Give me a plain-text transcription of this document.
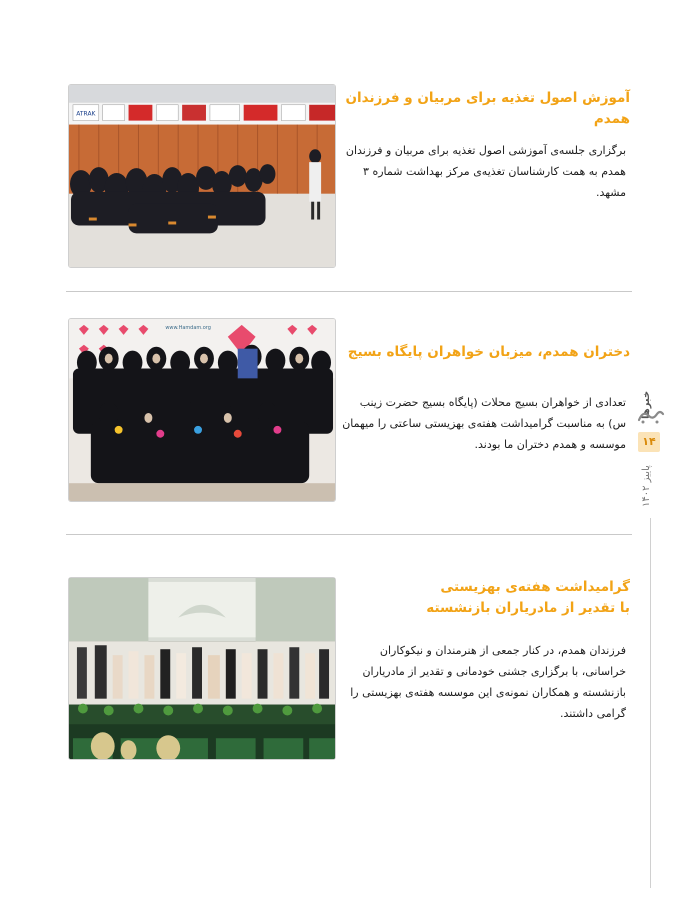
ATRAK

آموزش اصول تغذیه برای مربیان و فرزندان همدم

برگزاری جلسه‌ی آموزشی اصول تغذیه برای مربیان و فرزندان همدم به همت کارشناسان تغذیه‌ی مرکز بهداشت شماره ۳ مشهد.

www.Hamdam.org

دختران همدم، میزبان خواهران پایگاه بسیج

تعدادی از خواهران بسیج محلات (پایگاه بسیج حضرت زینب س) به مناسبت گرامیداشت هفته‌ی بهزیستی ساعتی را میهمان موسسه و همدم دختران ما بودند.

گرامیداشت هفته‌ی بهزیستی
با تقدیر از مادریاران بازنشسته

فرزندان همدم، در کنار جمعی از هنرمندان و نیکوکاران خراسانی، با برگزاری جشنی خودمانی و تقدیر از مادریاران بازنشسته و همکاران نمونه‌ی این موسسه هفته‌ی بهزیستی را گرامی داشتند.

خبرها
۱۴
پاییز ۱۴۰۲
